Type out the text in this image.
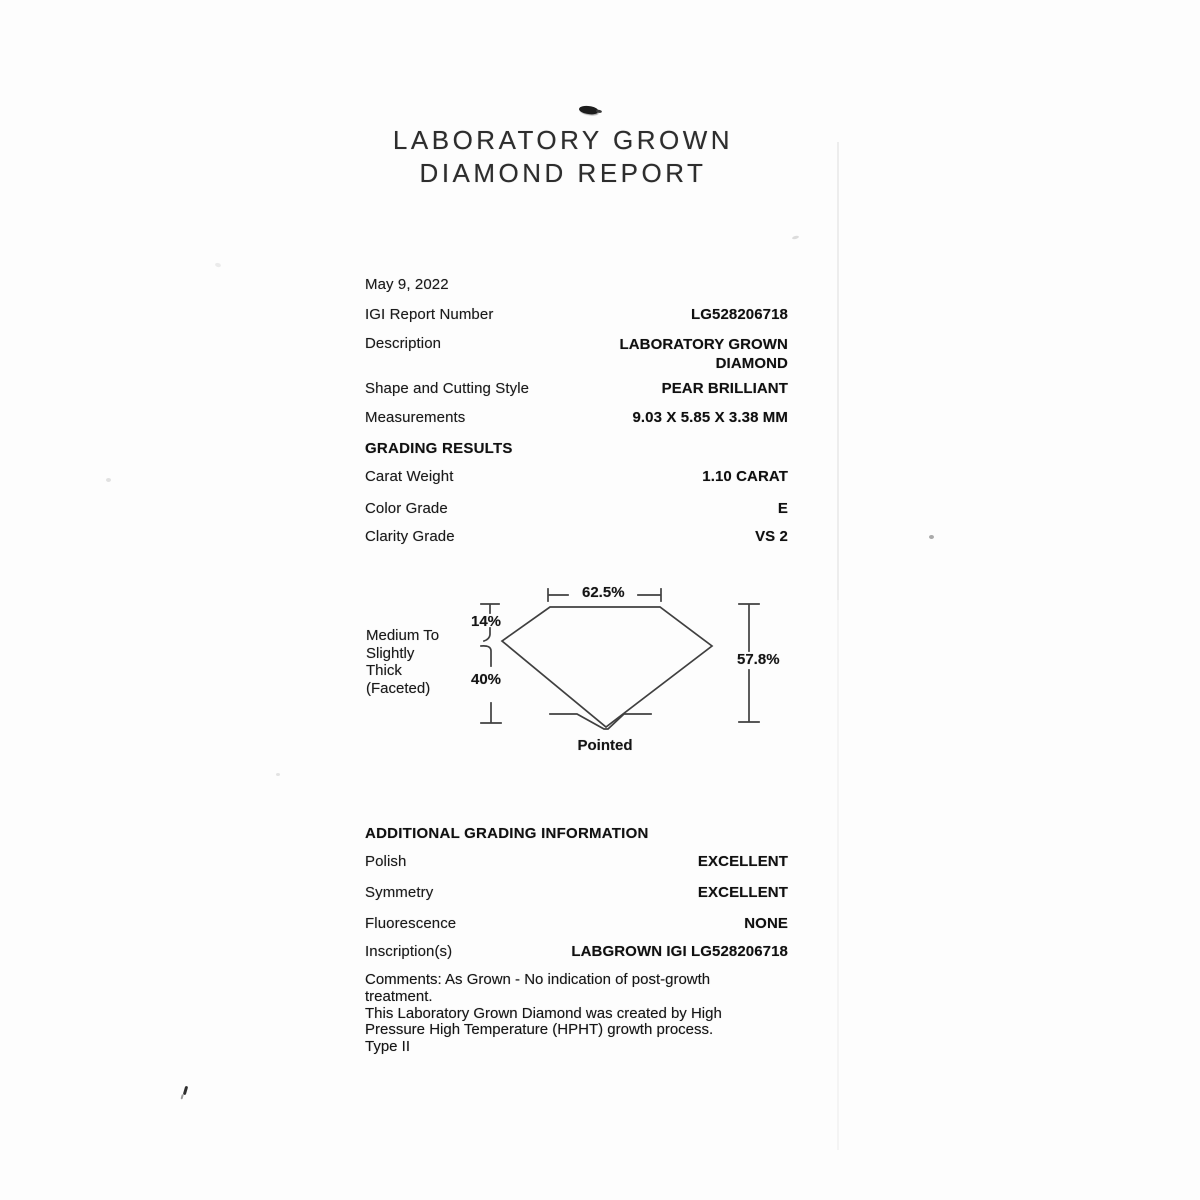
LABORATORY GROWN
DIAMOND REPORT
May 9, 2022
IGI Report Number	LG528206718
Description	LABORATORY GROWN
DIAMOND
Shape and Cutting Style	PEAR BRILLIANT
Measurements	9.03 X 5.85 X 3.38 MM
GRADING RESULTS
Carat Weight	1.10 CARAT
Color Grade	E
Clarity Grade	VS 2
62.5%
14%
40%
57.8%
Medium To
Slightly
Thick
(Faceted)
Pointed
ADDITIONAL GRADING INFORMATION
Polish	EXCELLENT
Symmetry	EXCELLENT
Fluorescence	NONE
Inscription(s)	LABGROWN IGI LG528206718
Comments: As Grown - No indication of post-growth
treatment.
This Laboratory Grown Diamond was created by High
Pressure High Temperature (HPHT) growth process.
Type II
